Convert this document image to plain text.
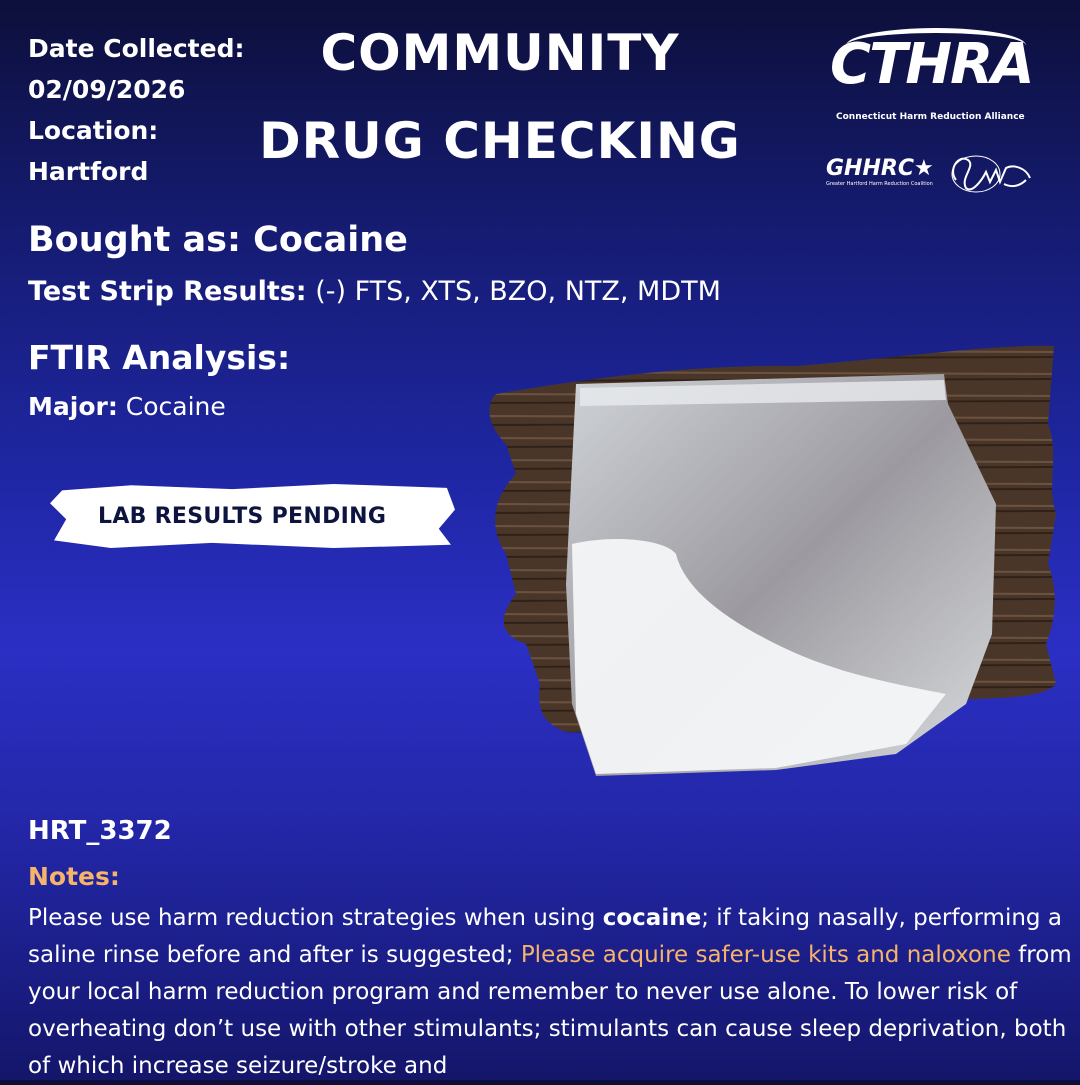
Date Collected:
02/09/2026
Location:
Hartford
COMMUNITY
DRUG CHECKING
CTHRA
Connecticut Harm Reduction Alliance
GHHRC★
Greater Hartford Harm Reduction Coalition
Bought as: Cocaine
Test Strip Results: (-) FTS, XTS, BZO, NTZ, MDTM
FTIR Analysis:
Major: Cocaine
LAB RESULTS PENDING
HRT_3372
Notes:
Please use harm reduction strategies when using cocaine; if taking nasally, performing a saline rinse before and after is suggested; Please acquire safer-use kits and naloxone from your local harm reduction program and remember to never use alone. To lower risk of overheating don’t use with other stimulants; stimulants can cause sleep deprivation, both of which increase seizure/stroke and
